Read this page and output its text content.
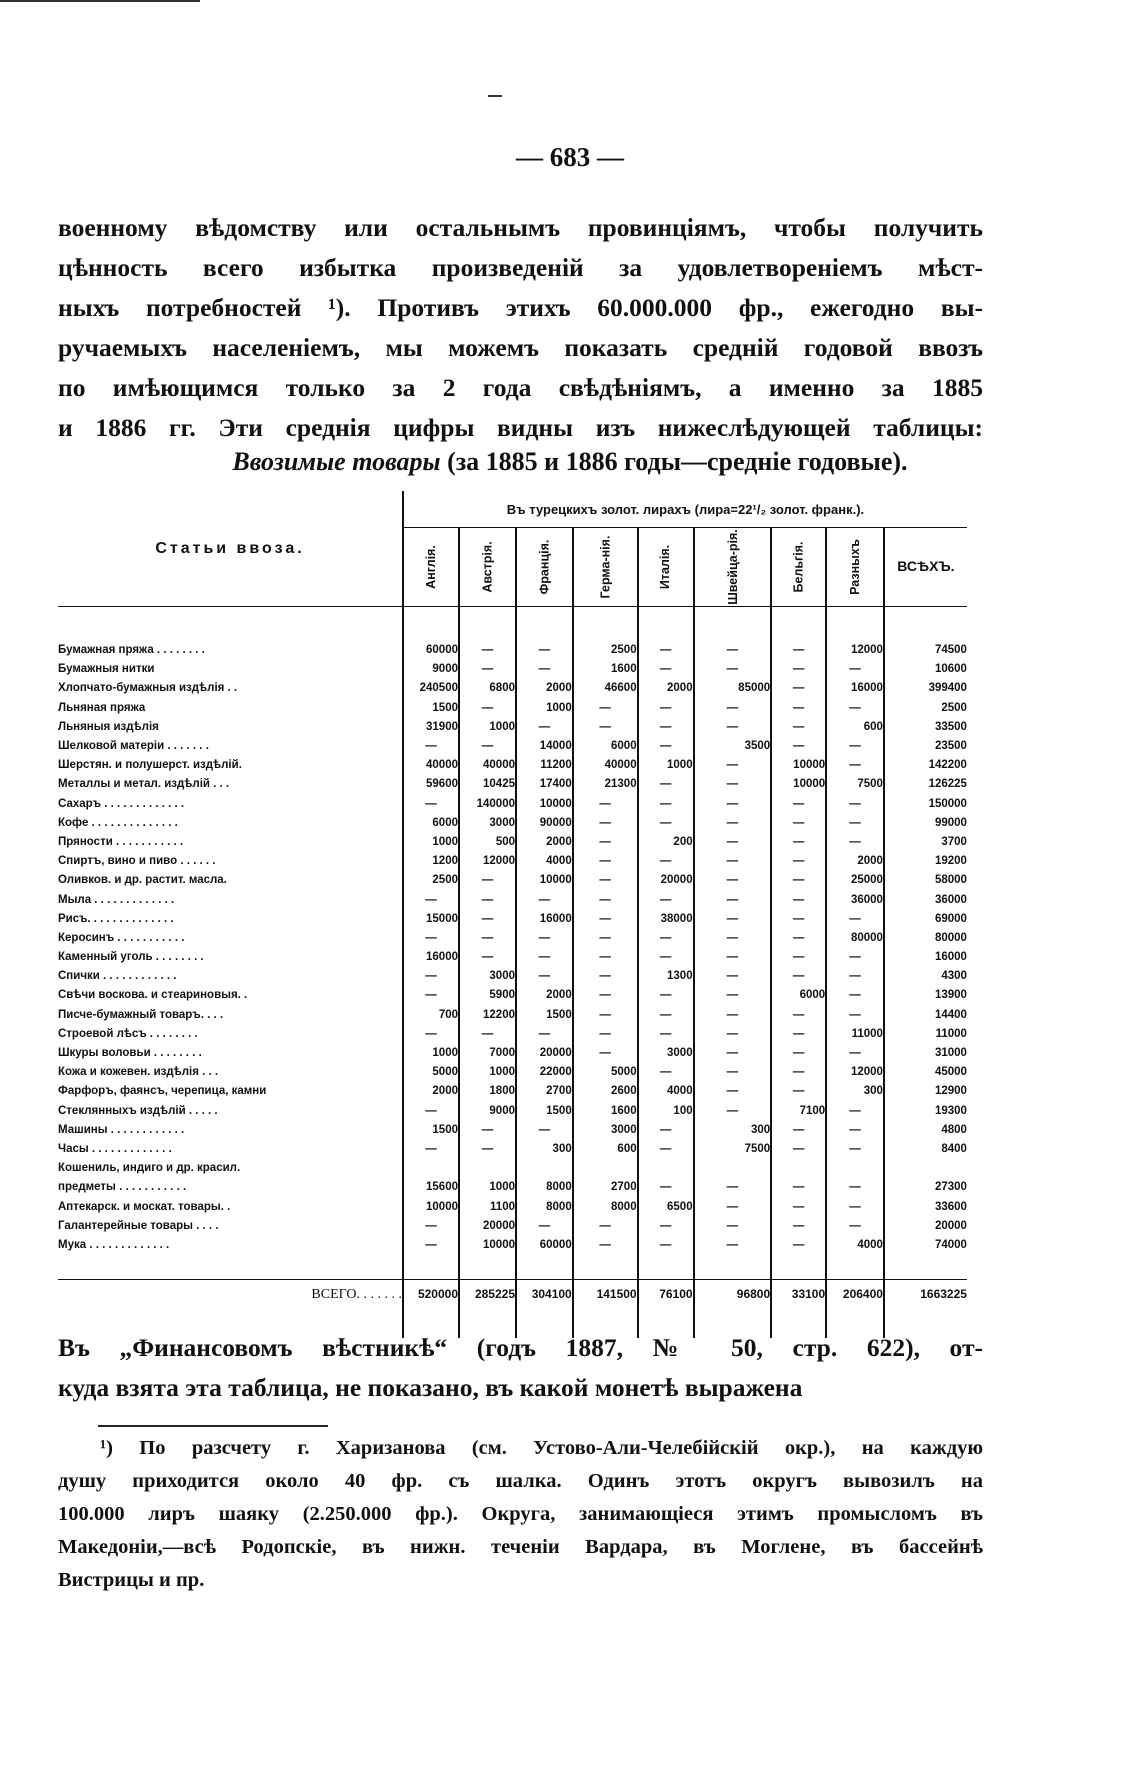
— 683 —
военному вѣдомству или остальнымъ провинціямъ, чтобы получить
цѣнность всего избытка произведеній за удовлетвореніемъ мѣст-
ныхъ потребностей ¹). Противъ этихъ 60.000.000 фр., ежегодно вы-
ручаемыхъ населеніемъ, мы можемъ показать средній годовой ввозъ
по имѣющимся только за 2 года свѣдѣніямъ, а именно за 1885
и 1886 гг. Эти среднія цифры видны изъ нижеслѣдующей таблицы:
Ввозимые товары (за 1885 и 1886 годы—средніе годовые).
Статьи ввоза.	Въ турецкихъ золот. лирахъ (лира=22¹/₂ золот. франк.).								
	Англія.	Австрія.	Франція.	Герма-нія.	Италія.	Швейца-рія.	Бельгія.	Разныхъ	ВСѢХЪ.

Бумажная пряжа . . . . . . . .	60000	—	—	2500	—	—	—	12000	74500
Бумажныя нитки	9000	—	—	1600	—	—	—	—	10600
Хлопчато-бумажныя издѣлія . .	240500	6800	2000	46600	2000	85000	—	16000	399400
Льняная пряжа	1500	—	1000	—	—	—	—	—	2500
Льняныя издѣлія	31900	1000	—	—	—	—	—	600	33500
Шелковой матеріи . . . . . . .	—	—	14000	6000	—	3500	—	—	23500
Шерстян. и полушерст. издѣлій.	40000	40000	11200	40000	1000	—	10000	—	142200
Металлы и метал. издѣлій . . .	59600	10425	17400	21300	—	—	10000	7500	126225
Сахаръ . . . . . . . . . . . . .	—	140000	10000	—	—	—	—	—	150000
Кофе . . . . . . . . . . . . . .	6000	3000	90000	—	—	—	—	—	99000
Пряности . . . . . . . . . . .	1000	500	2000	—	200	—	—	—	3700
Спиртъ, вино и пиво . . . . . .	1200	12000	4000	—	—	—	—	2000	19200
Оливков. и др. растит. масла.	2500	—	10000	—	20000	—	—	25000	58000
Мыла . . . . . . . . . . . . .	—	—	—	—	—	—	—	36000	36000
Рисъ. . . . . . . . . . . . . .	15000	—	16000	—	38000	—	—	—	69000
Керосинъ . . . . . . . . . . .	—	—	—	—	—	—	—	80000	80000
Каменный уголь . . . . . . . .	16000	—	—	—	—	—	—	—	16000
Спички . . . . . . . . . . . .	—	3000	—	—	1300	—	—	—	4300
Свѣчи воскова. и стеариновыя. .	—	5900	2000	—	—	—	6000	—	13900
Писче-бумажный товаръ. . . .	700	12200	1500	—	—	—	—	—	14400
Строевой лѣсъ . . . . . . . .	—	—	—	—	—	—	—	11000	11000
Шкуры воловьи . . . . . . . .	1000	7000	20000	—	3000	—	—	—	31000
Кожа и кожевен. издѣлія . . .	5000	1000	22000	5000	—	—	—	12000	45000
Фарфоръ, фаянсъ, черепица, камни	2000	1800	2700	2600	4000	—	—	300	12900
Стеклянныхъ издѣлій . . . . .	—	9000	1500	1600	100	—	7100	—	19300
Машины . . . . . . . . . . . .	1500	—	—	3000	—	300	—	—	4800
Часы . . . . . . . . . . . . .	—	—	300	600	—	7500	—	—	8400
Кошениль, индиго и др. красил.									
предметы . . . . . . . . . . .	15600	1000	8000	2700	—	—	—	—	27300
Аптекарск. и москат. товары. .	10000	1100	8000	8000	6500	—	—	—	33600
Галантерейные товары . . . .	—	20000	—	—	—	—	—	—	20000
Мука . . . . . . . . . . . . .	—	10000	60000	—	—	—	—	4000	74000

ВСЕГО. . . . . . .	520000	285225	304100	141500	76100	96800	33100	206400	1663225

Въ „Финансовомъ вѣстникѣ“ (годъ 1887, № 50, стр. 622), от-
куда взята эта таблица, не показано, въ какой монетѣ выражена
¹) По разсчету г. Харизанова (см. Устово-Али-Челебійскій окр.), на каждую
душу приходится около 40 фр. съ шалка. Одинъ этотъ округъ вывозилъ на
100.000 лиръ шаяку (2.250.000 фр.). Округа, занимающіеся этимъ промысломъ въ
Македоніи,—всѣ Родопскіе, въ нижн. теченіи Вардара, въ Моглене, въ бассейнѣ
Вистрицы и пр.
